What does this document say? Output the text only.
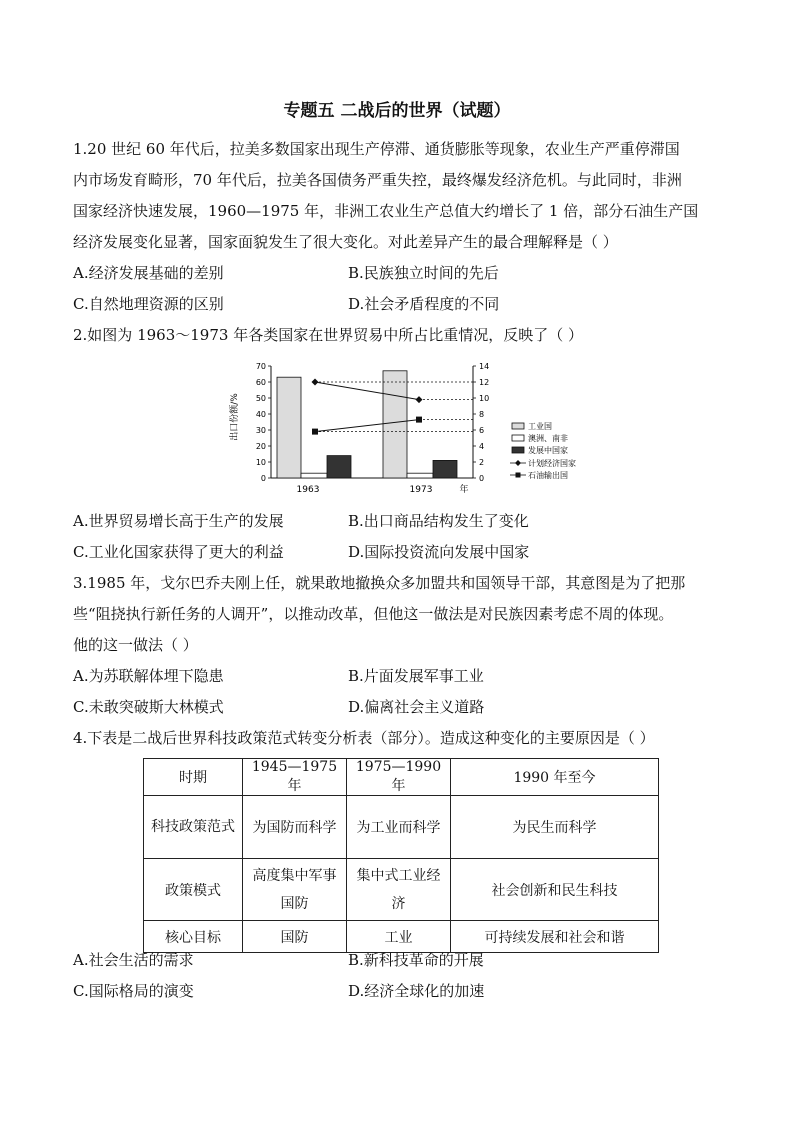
专题五 二战后的世界（试题）
1.20 世纪 60 年代后，拉美多数国家出现生产停滞、通货膨胀等现象，农业生产严重停滞国
内市场发育畸形，70 年代后，拉美各国债务严重失控，最终爆发经济危机。与此同时，非洲
国家经济快速发展，1960—1975 年，非洲工农业生产总值大约增长了 1 倍，部分石油生产国
经济发展变化显著，国家面貌发生了很大变化。对此差异产生的最合理解释是（ ）
A.经济发展基础的差别	B.民族独立时间的先后
C.自然地理资源的区别	D.社会矛盾程度的不同
2.如图为 1963～1973 年各类国家在世界贸易中所占比重情况，反映了（ ）
0
10
20
30
40
50
60
70
0
2
4
6
8
10
12
14
出口份额/%
1963	1973	年
工业国
澳洲、南非
发展中国家
计划经济国家
石油输出国
A.世界贸易增长高于生产的发展	B.出口商品结构发生了变化
C.工业化国家获得了更大的利益	D.国际投资流向发展中国家
3.1985 年，戈尔巴乔夫刚上任，就果敢地撤换众多加盟共和国领导干部，其意图是为了把那
些“阻挠执行新任务的人调开”，以推动改革，但他这一做法是对民族因素考虑不周的体现。
他的这一做法（ ）
A.为苏联解体埋下隐患	B.片面发展军事工业
C.未敢突破斯大林模式	D.偏离社会主义道路
4.下表是二战后世界科技政策范式转变分析表（部分）。造成这种变化的主要原因是（ ）
时期	1945—1975 年	1975—1990 年	1990 年至今
科技政策范式	为国防而科学	为工业而科学	为民生而科学
政策模式	高度集中军事国防	集中式工业经济	社会创新和民生科技
核心目标	国防	工业	可持续发展和社会和谐
A.社会生活的需求	B.新科技革命的开展
C.国际格局的演变	D.经济全球化的加速
